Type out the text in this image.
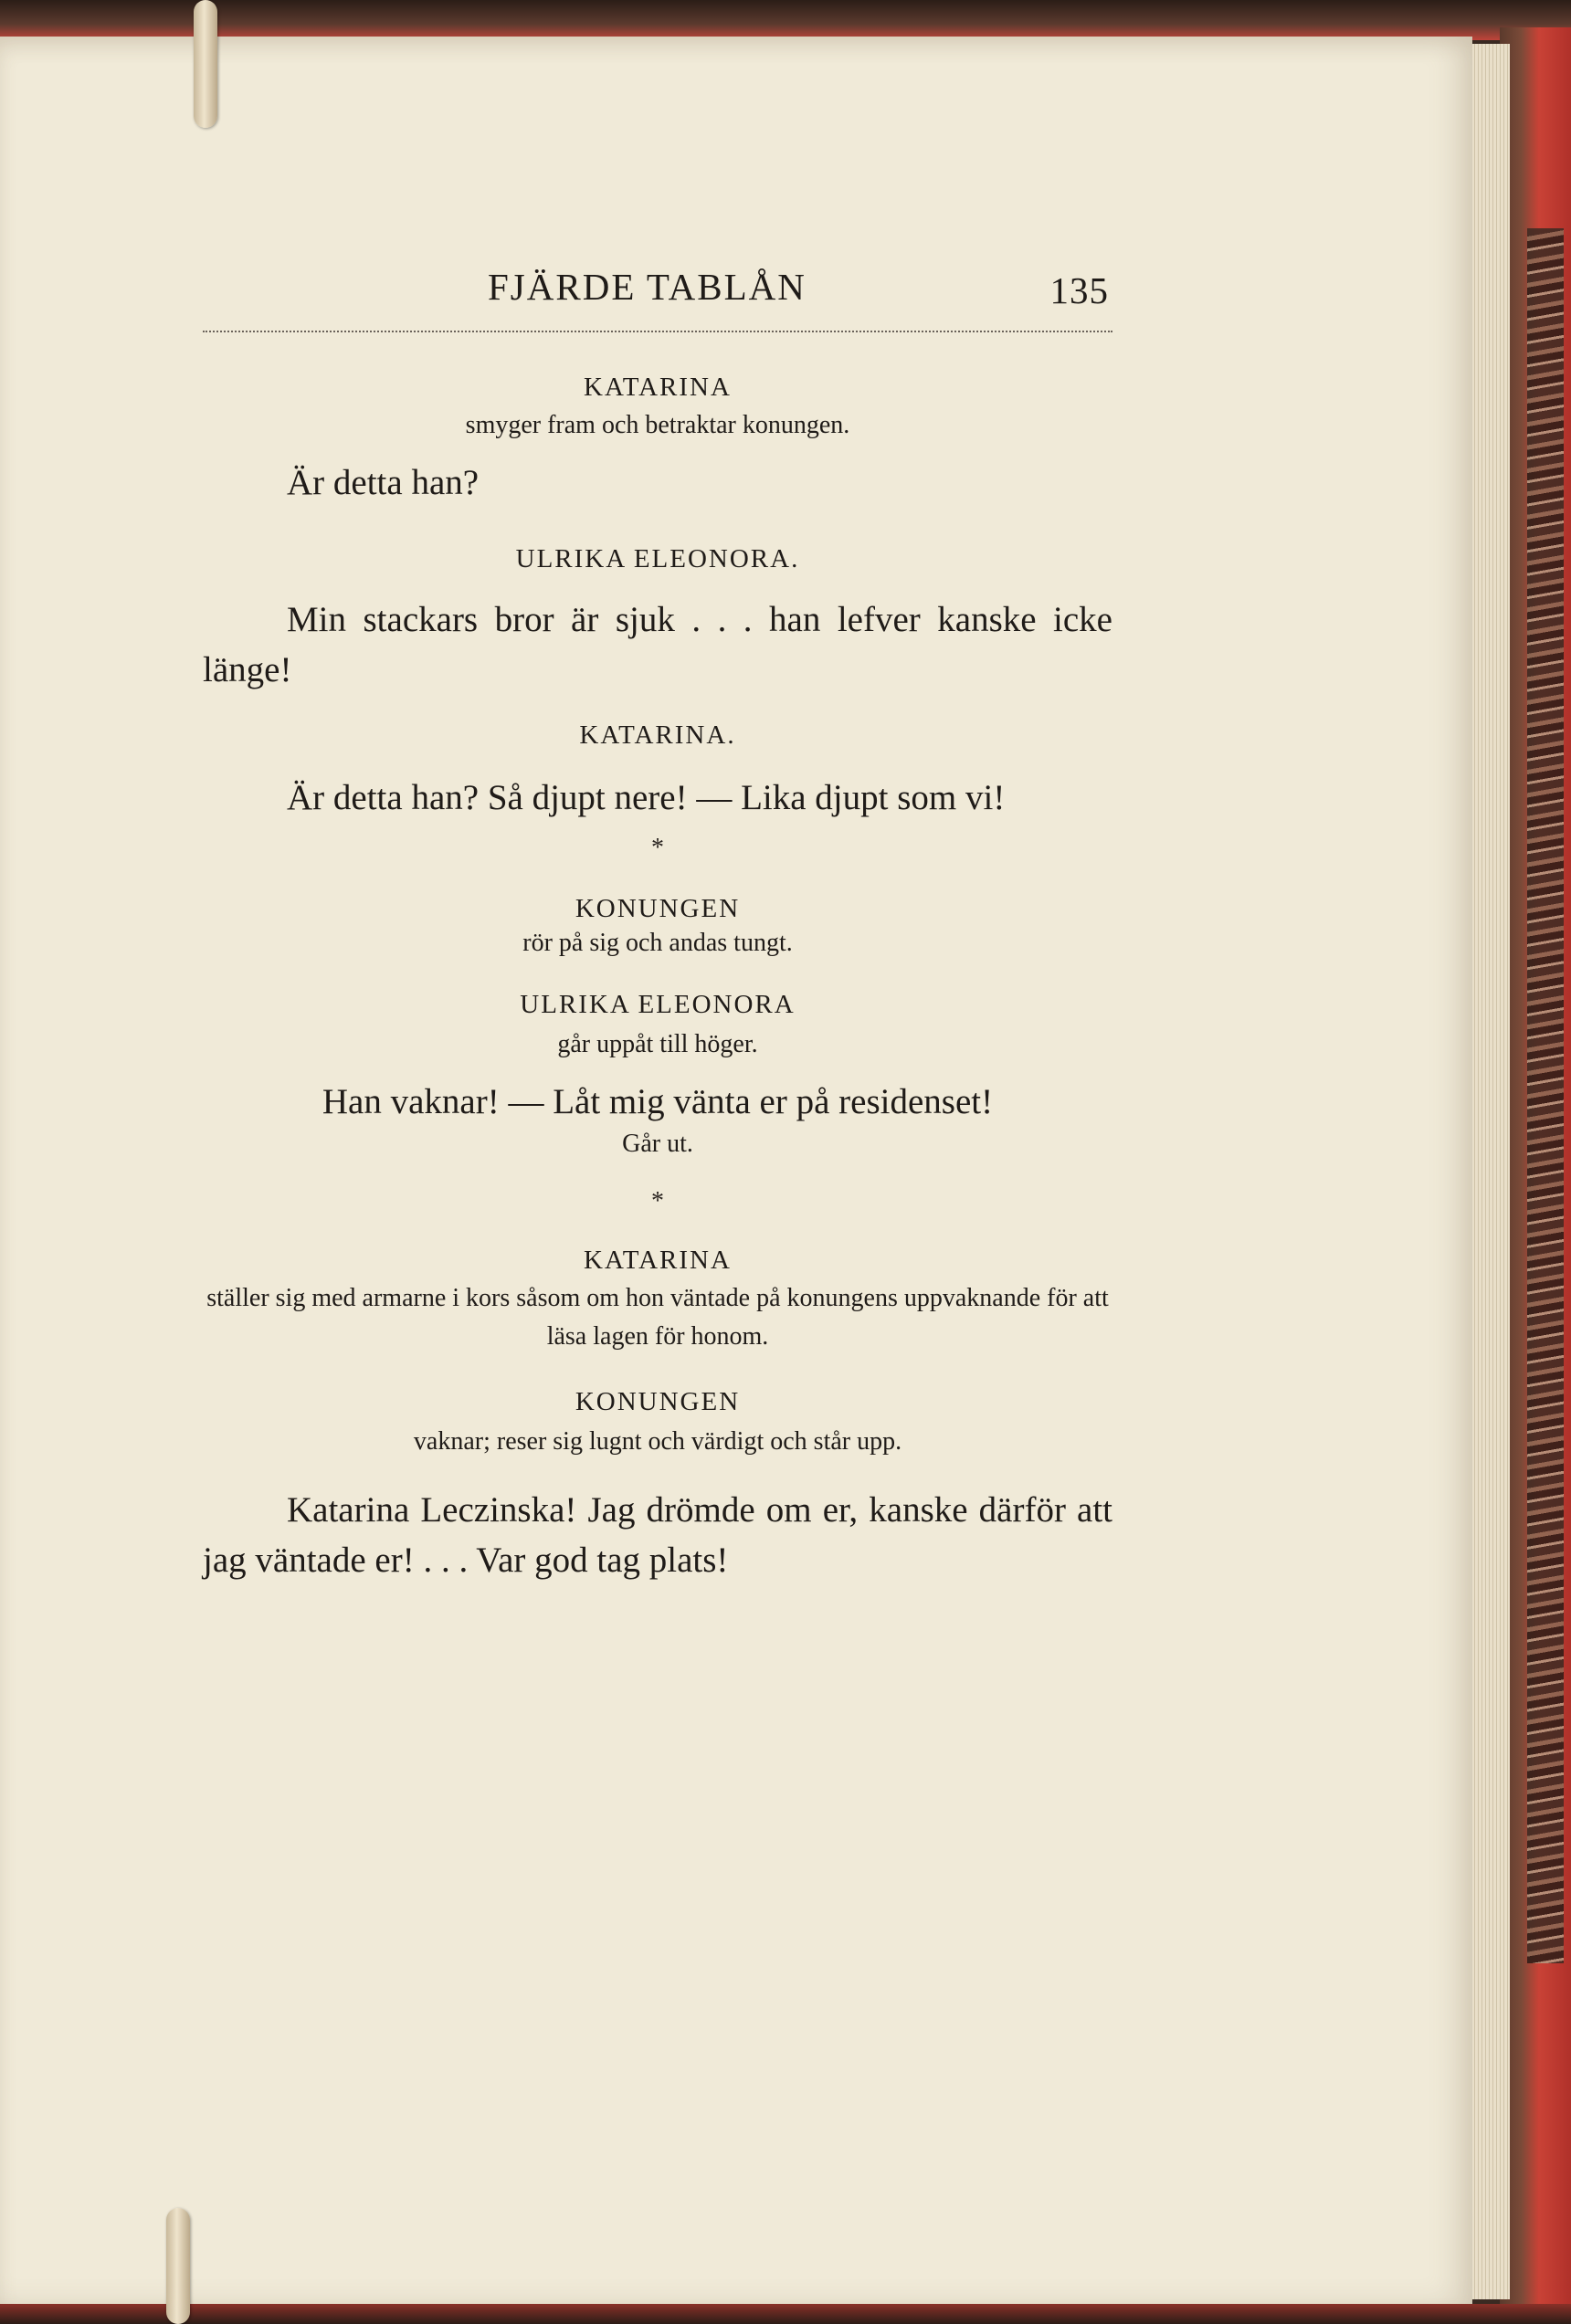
FJÄRDE TABLÅN	135
KATARINA
smyger fram och betraktar konungen.
Är detta han?
ULRIKA ELEONORA.
Min stackars bror är sjuk . . . han lefver kanske icke länge!
KATARINA.
Är detta han? Så djupt nere! — Lika djupt som vi!
*
KONUNGEN
rör på sig och andas tungt.
ULRIKA ELEONORA
går uppåt till höger.
Han vaknar! — Låt mig vänta er på residenset!
Går ut.
*
KATARINA
ställer sig med armarne i kors såsom om hon väntade på konungens uppvaknande för att läsa lagen för honom.
KONUNGEN
vaknar; reser sig lugnt och värdigt och står upp.
Katarina Leczinska! Jag drömde om er, kanske därför att jag väntade er! . . . Var god tag plats!
